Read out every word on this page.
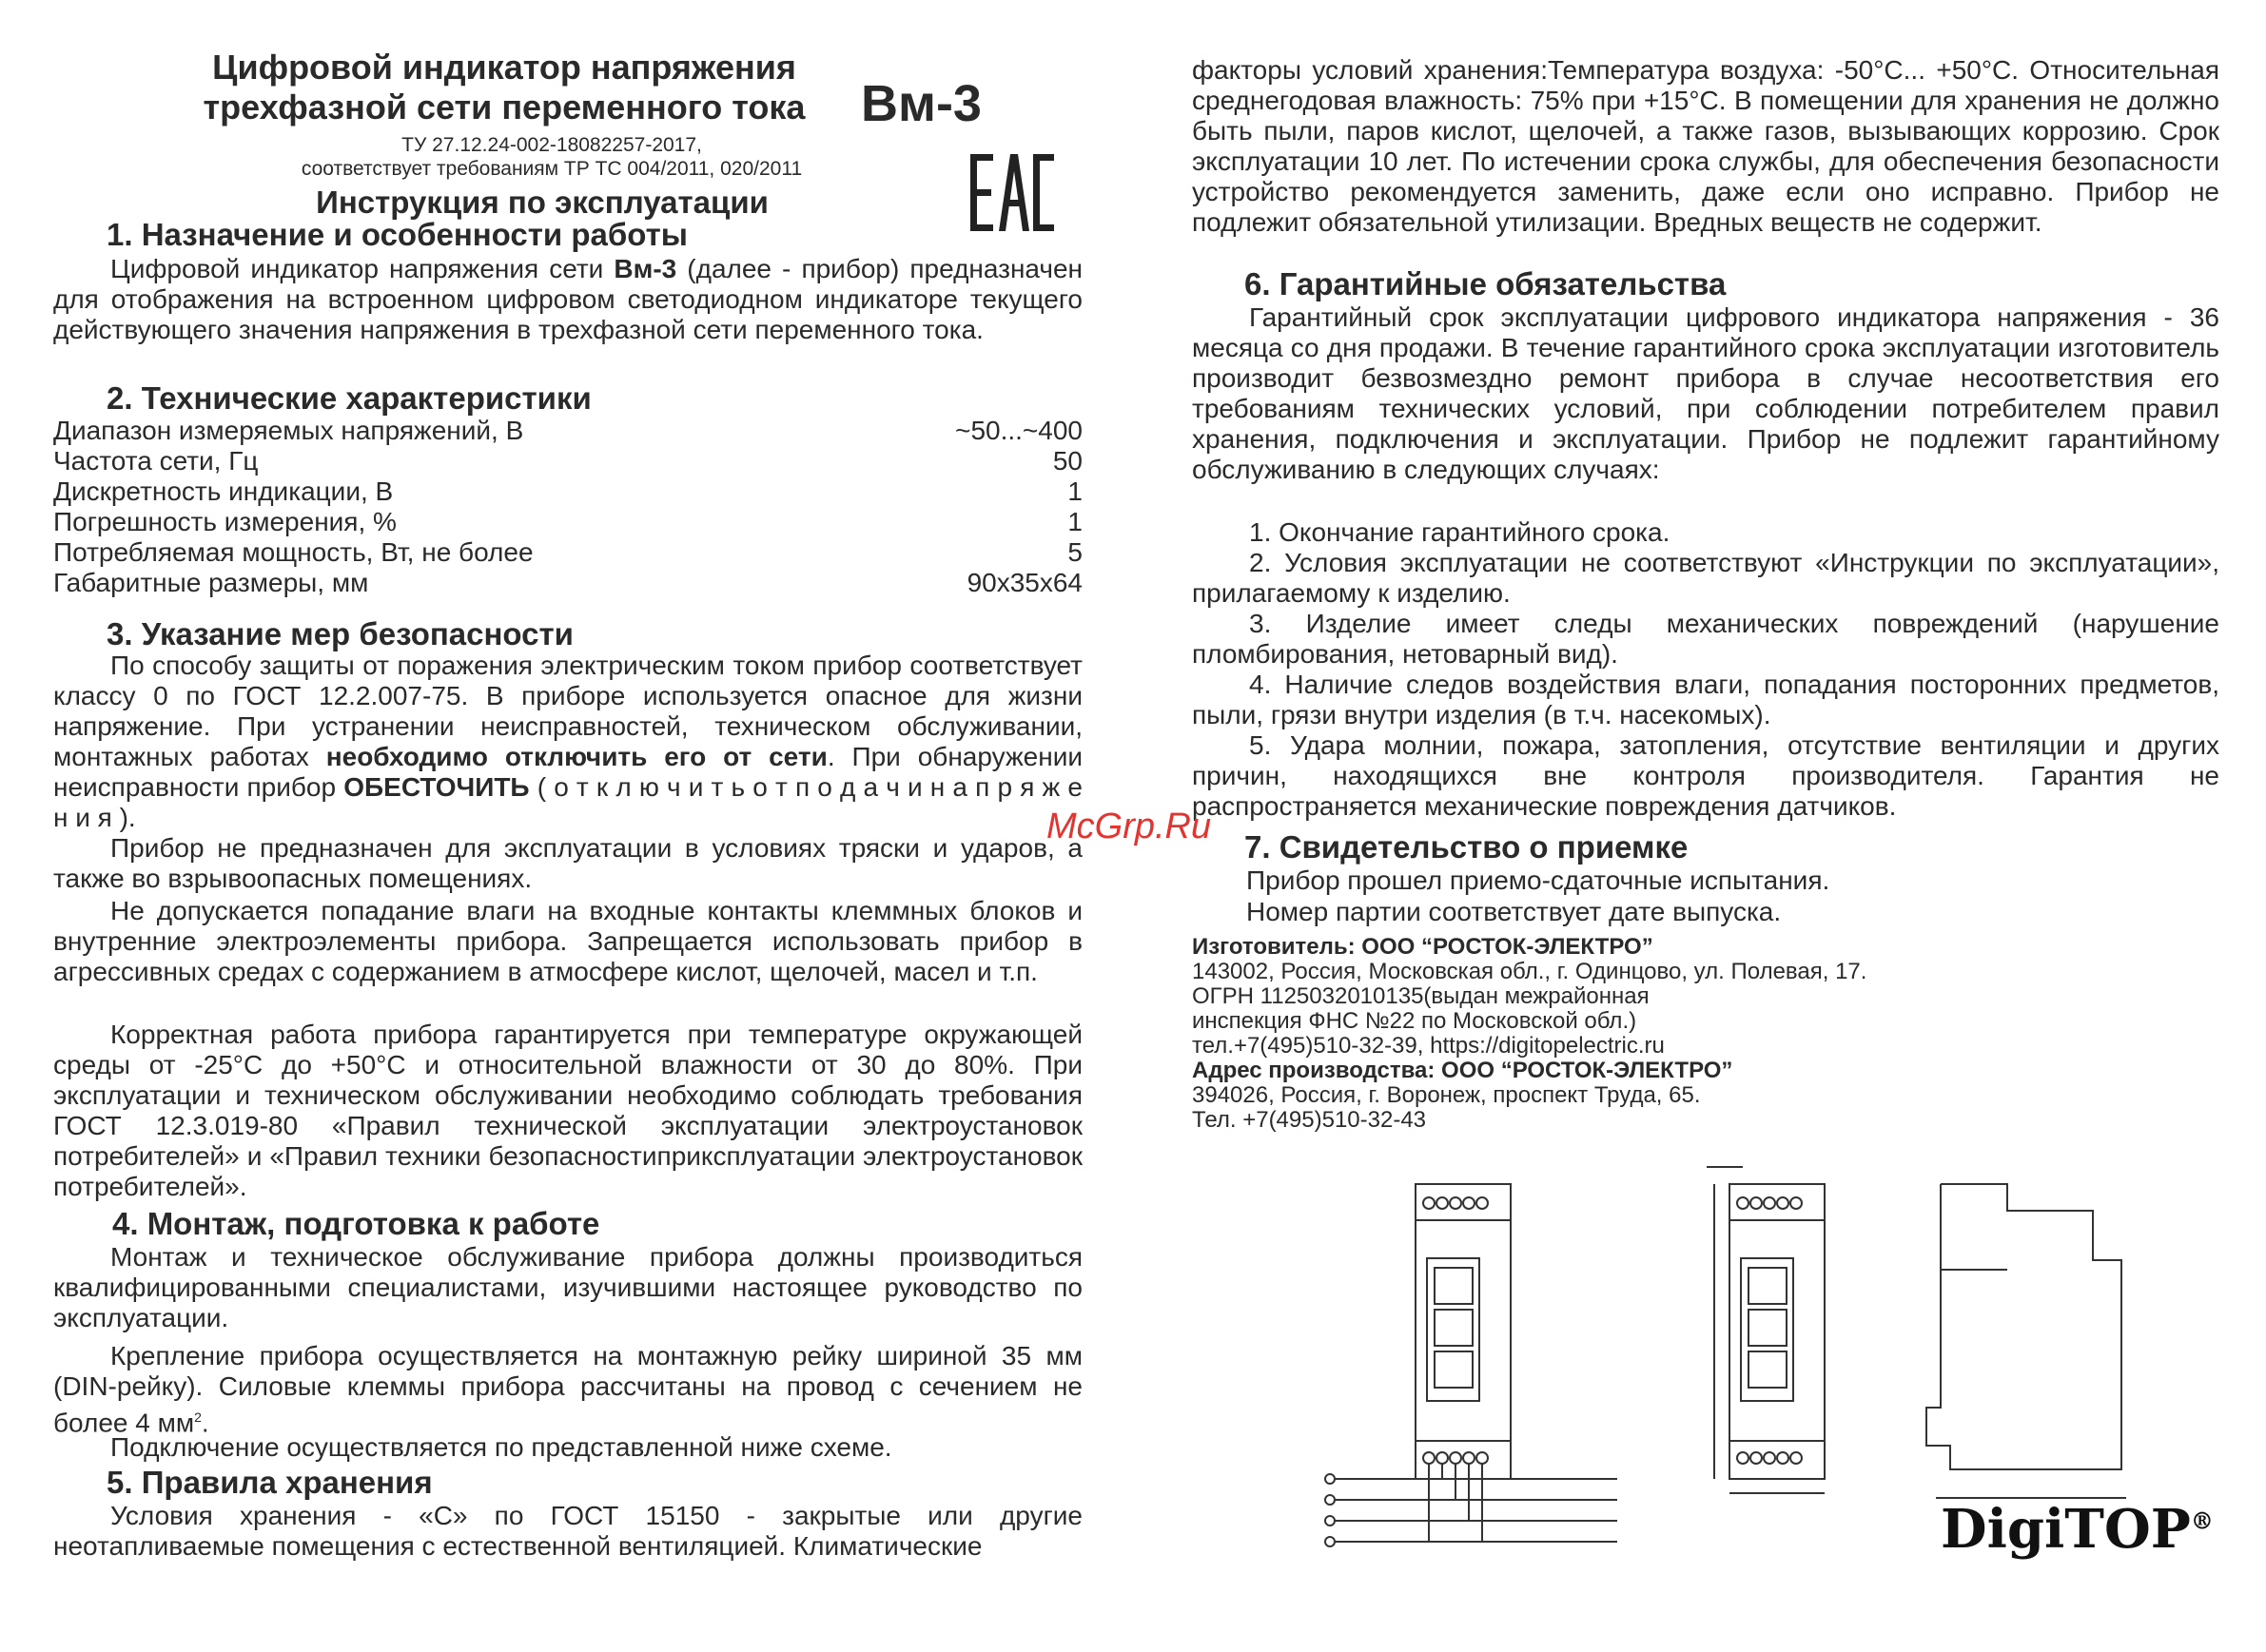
Цифровой индикатор напряжения
трехфазной сети переменного тока	Вм-3
ТУ 27.12.24-002-18082257-2017,
соответствует требованиям ТР ТС 004/2011, 020/2011
Инструкция по эксплуатации
1. Назначение и особенности работы
Цифровой индикатор напряжения сети Вм-3 (далее - прибор) предназначен для отображения на встроенном цифровом светодиодном индикаторе текущего действующего значения напряжения в трехфазной сети переменного тока.
2. Технические характеристики
Диапазон измеряемых напряжений, В	~50...~400
Частота сети, Гц	50
Дискретность индикации, В	1
Погрешность измерения, %	1
Потребляемая мощность, Вт, не более	5
Габаритные размеры, мм	90х35х64
3. Указание мер безопасности
По способу защиты от поражения электрическим током прибор соответствует классу 0 по ГОСТ 12.2.007-75. В приборе используется опасное для жизни напряжение. При устранении неисправностей, техническом обслуживании, монтажных работах необходимо отключить его от сети. При обнаружении неисправности прибор ОБЕСТОЧИТЬ ( о т к л ю ч и т ь о т п о д а ч и н а п р я ж е н и я ).
Прибор не предназначен для эксплуатации в условиях тряски и ударов, а также во взрывоопасных помещениях.
Не допускается попадание влаги на входные контакты клеммных блоков и внутренние электроэлементы прибора. Запрещается использовать прибор в агрессивных средах с содержанием в атмосфере кислот, щелочей, масел и т.п.
Корректная работа прибора гарантируется при температуре окружающей среды от -25°С до +50°С и относительной влажности от 30 до 80%. При эксплуатации и техническом обслуживании необходимо соблюдать требования ГОСТ 12.3.019-80 «Правил технической эксплуатации электроустановок потребителей» и «Правил техники безопасностиприксплуатации электроустановок потребителей».
4. Монтаж, подготовка к работе
Монтаж и техническое обслуживание прибора должны производиться квалифицированными специалистами, изучившими настоящее руководство по эксплуатации.
Крепление прибора осуществляется на монтажную рейку шириной 35 мм (DIN-рейку). Силовые клеммы прибора рассчитаны на провод с сечением не более 4 $мм^2$.
Подключение осуществляется по представленной ниже схеме.
5. Правила хранения
Условия хранения - «С» по ГОСТ 15150 - закрытые или другие неотапливаемые помещения с естественной вентиляцией. Климатические
факторы условий хранения:Температура воздуха: -50°С... +50°С. Относительная среднегодовая влажность: 75% при +15°С. В помещении для хранения не должно быть пыли, паров кислот, щелочей, а также газов, вызывающих коррозию. Срок эксплуатации 10 лет. По истечении срока службы, для обеспечения безопасности устройство рекомендуется заменить, даже если оно исправно. Прибор не подлежит обязательной утилизации. Вредных веществ не содержит.
6. Гарантийные обязательства
Гарантийный срок эксплуатации цифрового индикатора напряжения - 36 месяца со дня продажи. В течение гарантийного срока эксплуатации изготовитель производит безвозмездно ремонт прибора в случае несоответствия его требованиям технических условий, при соблюдении потребителем правил хранения, подключения и эксплуатации. Прибор не подлежит гарантийному обслуживанию в следующих случаях:
1. Окончание гарантийного срока.
2. Условия эксплуатации не соответствуют «Инструкции по эксплуатации», прилагаемому к изделию.
3. Изделие имеет следы механических повреждений (нарушение пломбирования, нетоварный вид).
4. Наличие следов воздействия влаги, попадания посторонних предметов, пыли, грязи внутри изделия (в т.ч. насекомых).
5. Удара молнии, пожара, затопления, отсутствие вентиляции и других причин, находящихся вне контроля производителя. Гарантия не распространяется механические повреждения датчиков.
7. Свидетельство о приемке
Прибор прошел приемо-сдаточные испытания.
Номер партии соответствует дате выпуска.
Изготовитель: ООО “РОСТОК-ЭЛЕКТРО”
143002, Россия, Московская обл., г. Одинцово, ул. Полевая, 17.
ОГРН 1125032010135(выдан межрайонная
инспекция ФНС №22 по Московской обл.)
тел.+7(495)510-32-39, https://digitopelectric.ru
Адрес производства: ООО “РОСТОК-ЭЛЕКТРО”
394026, Россия, г. Воронеж, проспект Труда, 65.
Тел. +7(495)510-32-43
McGrp.Ru
DigiTOP®
